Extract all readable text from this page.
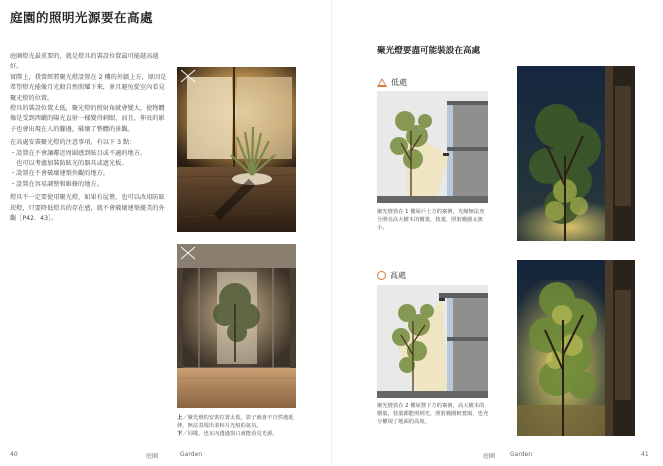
庭園的照明光源要在高處

庭園燈光最重要的，就是燈具的裝設位置最可能越高越好。
實際上，我曾經將聚光燈設置在 2 樓的外牆上方，原因是希望燈光能像月光般自然照耀下來，並且避免從室內看見聚光燈的位置。
燈具的裝設位置太低，聚光燈的照射角就會變大，使物體像是受到西曬的陽光直射一樣變得刺眼，而且，伸長的影子也會出現在人的腳邊，破壞了整體的景觀。

在高處安裝聚光燈的注意事項，有以下 3 點：
・設置在不會讓鄰近周圍感到眩目或不適的地方。
　也可以考慮加裝防眩光的器具或遮光板。
・設置在不會破壞建築外觀的地方。
・設置在容易調整和維修的地方。

燈具不一定要使用聚光燈，如果有屋簷，也可以改用防眩崁燈，只要降低燈具的存在感，就不會破壞建築優美的外觀［P42．43］。

上／聚光燈的安裝位置太低，影子就會不自然地延伸，無法表現出柔和月光般的氣氛。
下／同樣，也室內透過窗口就能看見光源。
40	庭園	Garden
聚光燈要盡可能裝設在高處
低處
聚光燈裝在 1 樓屋戶上方的案例，光線無法充分照亮高大樹木的樹葉，枝葉，照射範圍太狹小。
高處
聚光燈裝在 2 樓屋簷下方的案例，高大樹木的樹葉，枝葉都能照到光，照射範圍較寬廣，也充分權現了地面的高度。
庭園 Garden	41
